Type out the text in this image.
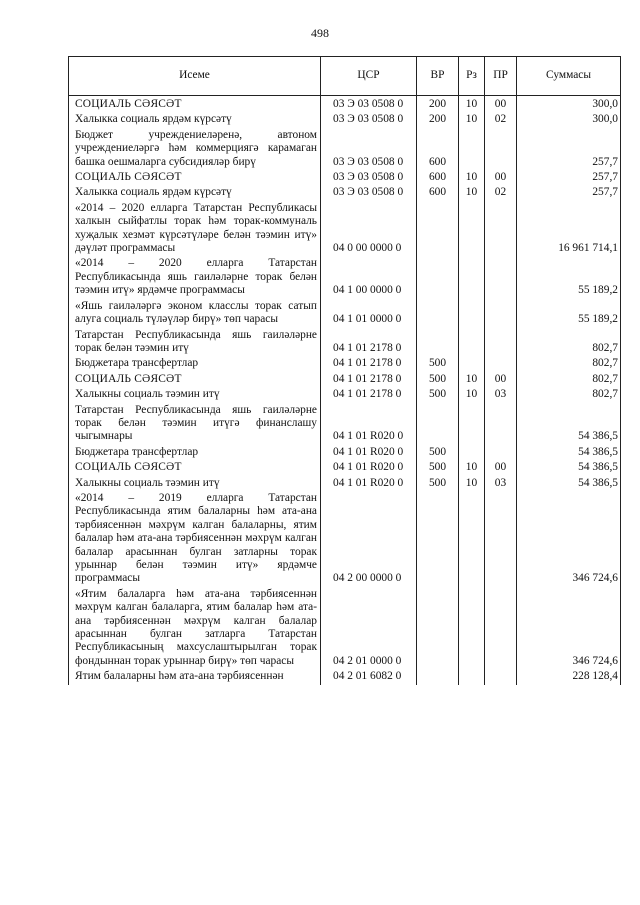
498
Исеме	ЦСР	ВР	Рз	ПР	Суммасы
СОЦИАЛЬ СӘЯСӘТ	03 Э 03 0508 0	200	10	00	300,0
Халыкка социаль ярдәм күрсәтү	03 Э 03 0508 0	200	10	02	300,0
Бюджет учреждениеләренә, автоном учреждениеләргә һәм коммерциягә карамаган башка оешмаларга субсидияләр бирү	03 Э 03 0508 0	600			257,7
СОЦИАЛЬ СӘЯСӘТ	03 Э 03 0508 0	600	10	00	257,7
Халыкка социаль ярдәм күрсәтү	03 Э 03 0508 0	600	10	02	257,7
«2014 – 2020 елларга Татарстан Республикасы халкын сыйфатлы торак һәм торак-коммуналь хуҗалык хезмәт күрсәтүләре белән тәэмин итү» дәүләт программасы	04 0 00 0000 0				16 961 714,1
«2014 – 2020 елларга Татарстан Республикасында яшь гаиләләрне торак белән тәэмин итү» ярдәмче программасы	04 1 00 0000 0				55 189,2
«Яшь гаиләләргә эконом класслы торак сатып алуга социаль түләүләр бирү» төп чарасы	04 1 01 0000 0				55 189,2
Татарстан Республикасында яшь гаиләләрне торак белән тәэмин итү	04 1 01 2178 0				802,7
Бюджетара трансфертлар	04 1 01 2178 0	500			802,7
СОЦИАЛЬ СӘЯСӘТ	04 1 01 2178 0	500	10	00	802,7
Халыкны социаль тәэмин итү	04 1 01 2178 0	500	10	03	802,7
Татарстан Республикасында яшь гаиләләрне торак белән тәэмин итүгә финанслашу чыгымнары	04 1 01 R020 0				54 386,5
Бюджетара трансфертлар	04 1 01 R020 0	500			54 386,5
СОЦИАЛЬ СӘЯСӘТ	04 1 01 R020 0	500	10	00	54 386,5
Халыкны социаль тәэмин итү	04 1 01 R020 0	500	10	03	54 386,5
«2014 – 2019 елларга Татарстан Республикасында ятим балаларны һәм ата-ана тәрбиясеннән мәхрүм калган балаларны, ятим балалар һәм ата-ана тәрбиясеннән мәхрүм калган балалар арасыннан булган затларны торак урыннар белән тәэмин итү» ярдәмче программасы	04 2 00 0000 0				346 724,6
«Ятим балаларга һәм ата-ана тәрбиясеннән мәхрүм калган балаларга, ятим балалар һәм ата-ана тәрбиясеннән мәхрүм калган балалар арасыннан булган затларга Татарстан Республикасының махсуслаштырылган торак фондыннан торак урыннар бирү» төп чарасы	04 2 01 0000 0				346 724,6
Ятим балаларны һәм ата-ана тәрбиясеннән	04 2 01 6082 0				228 128,4
